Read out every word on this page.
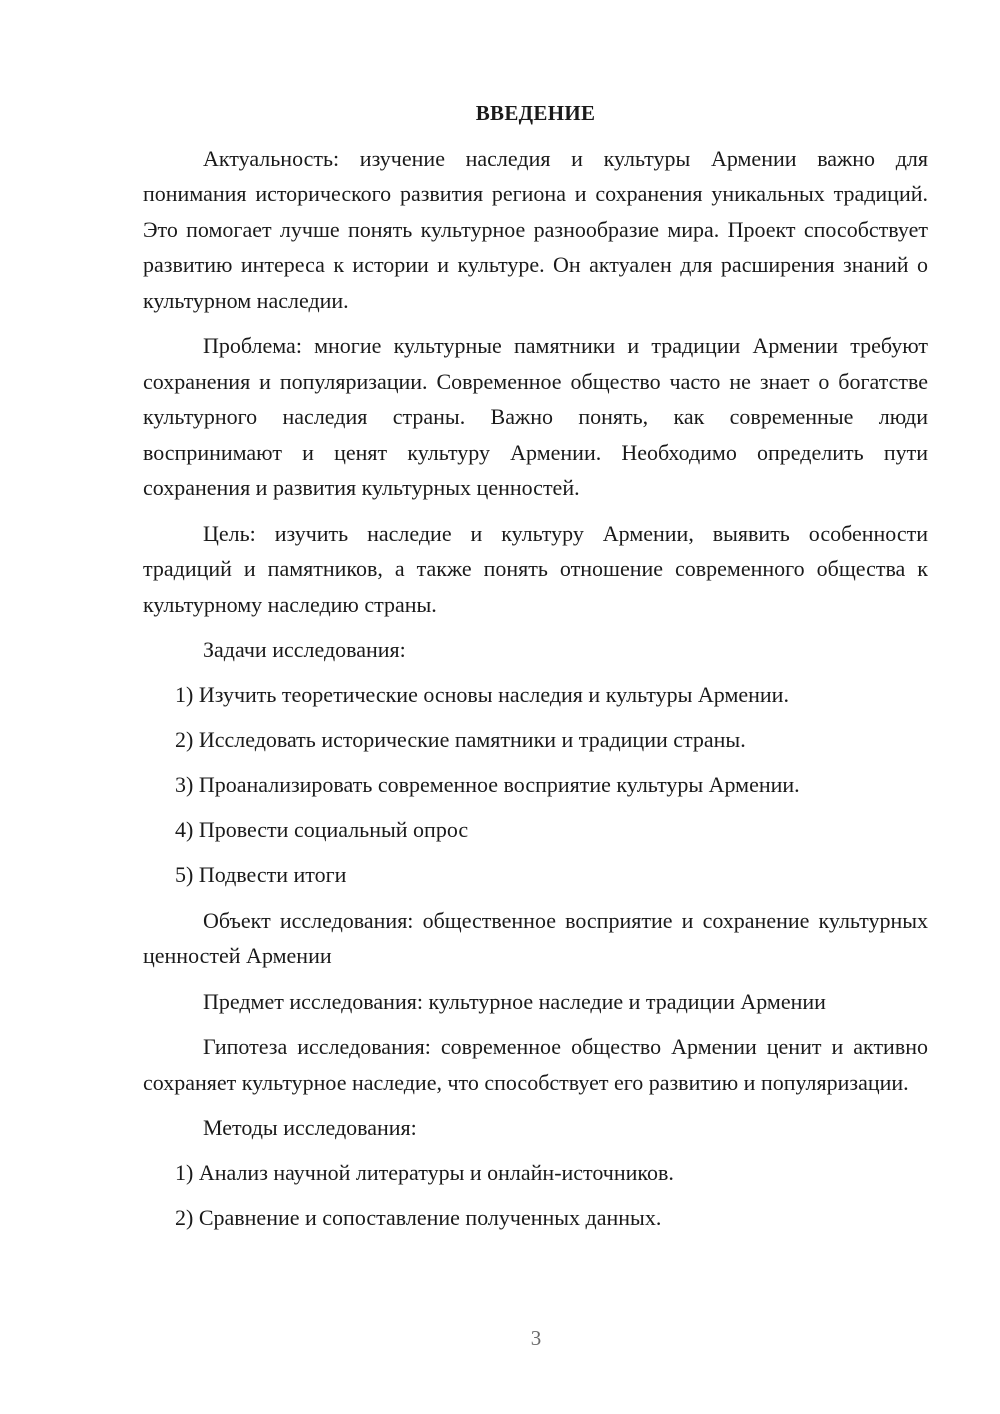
ВВЕДЕНИЕ

Актуальность: изучение наследия и культуры Армении важно для понимания исторического развития региона и сохранения уникальных традиций. Это помогает лучше понять культурное разнообразие мира. Проект способствует развитию интереса к истории и культуре. Он актуален для расширения знаний о культурном наследии.

Проблема: многие культурные памятники и традиции Армении требуют сохранения и популяризации. Современное общество часто не знает о богатстве культурного наследия страны. Важно понять, как современные люди воспринимают и ценят культуру Армении. Необходимо определить пути сохранения и развития культурных ценностей.

Цель: изучить наследие и культуру Армении, выявить особенности традиций и памятников, а также понять отношение современного общества к культурному наследию страны.

Задачи исследования:

1) Изучить теоретические основы наследия и культуры Армении.

2) Исследовать исторические памятники и традиции страны.

3) Проанализировать современное восприятие культуры Армении.

4) Провести социальный опрос

5) Подвести итоги

Объект исследования: общественное восприятие и сохранение культурных ценностей Армении

Предмет исследования: культурное наследие и традиции Армении

Гипотеза исследования: современное общество Армении ценит и активно сохраняет культурное наследие, что способствует его развитию и популяризации.

Методы исследования:

1) Анализ научной литературы и онлайн-источников.

2) Сравнение и сопоставление полученных данных.

3
